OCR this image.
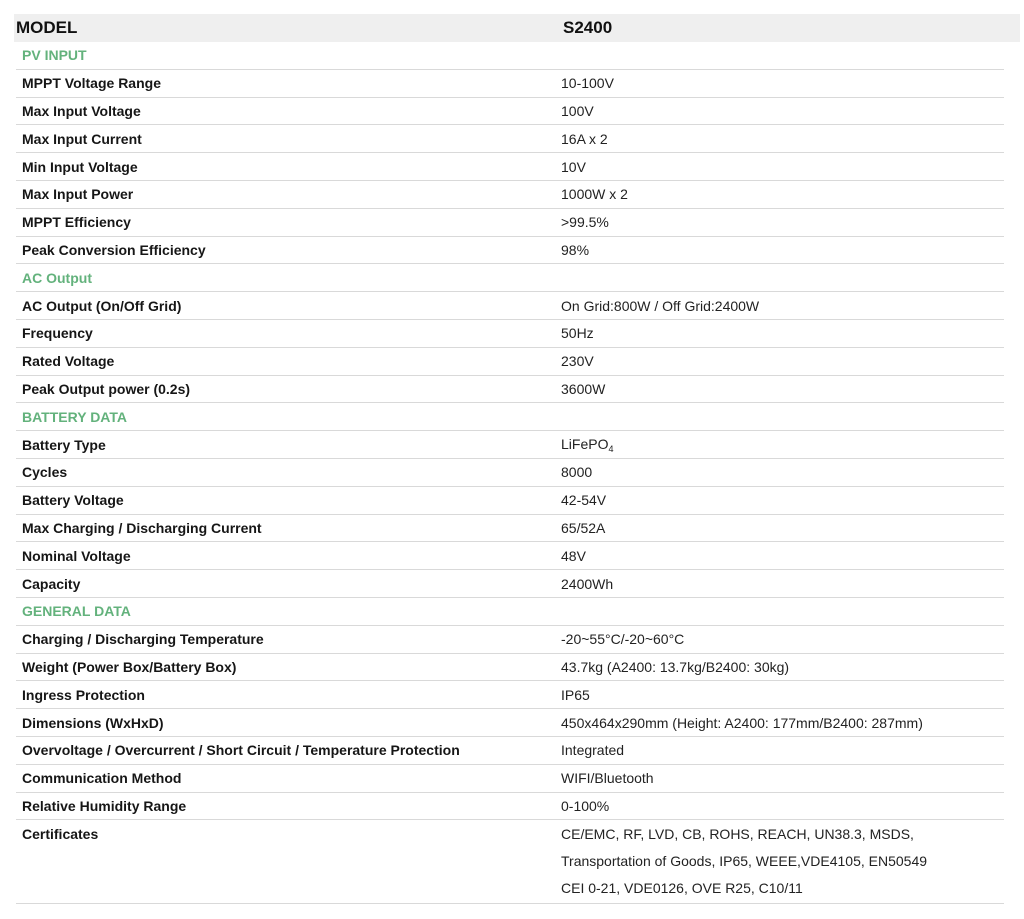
MODEL	S2400
PV INPUT
MPPT Voltage Range	10-100V
Max Input Voltage	100V
Max Input Current	16A x 2
Min Input Voltage	10V
Max Input Power	1000W x 2
MPPT Efficiency	>99.5%
Peak Conversion Efficiency	98%
AC Output
AC Output (On/Off Grid)	On Grid:800W / Off Grid:2400W
Frequency	50Hz
Rated Voltage	230V
Peak Output power (0.2s)	3600W
BATTERY DATA
Battery Type	LiFePO$_4$
Cycles	8000
Battery Voltage	42-54V
Max Charging / Discharging Current	65/52A
Nominal Voltage	48V
Capacity	2400Wh
GENERAL DATA
Charging / Discharging Temperature	-20~55°C/-20~60°C
Weight (Power Box/Battery Box)	43.7kg (A2400: 13.7kg/B2400: 30kg)
Ingress Protection	IP65
Dimensions (WxHxD)	450x464x290mm (Height: A2400: 177mm/B2400: 287mm)
Overvoltage / Overcurrent / Short Circuit / Temperature Protection	Integrated
Communication Method	WIFI/Bluetooth
Relative Humidity Range	0-100%
Certificates	CE/EMC, RF, LVD, CB, ROHS, REACH, UN38.3, MSDS,
Transportation of Goods, IP65, WEEE,VDE4105, EN50549
CEI 0-21, VDE0126, OVE R25, C10/11
